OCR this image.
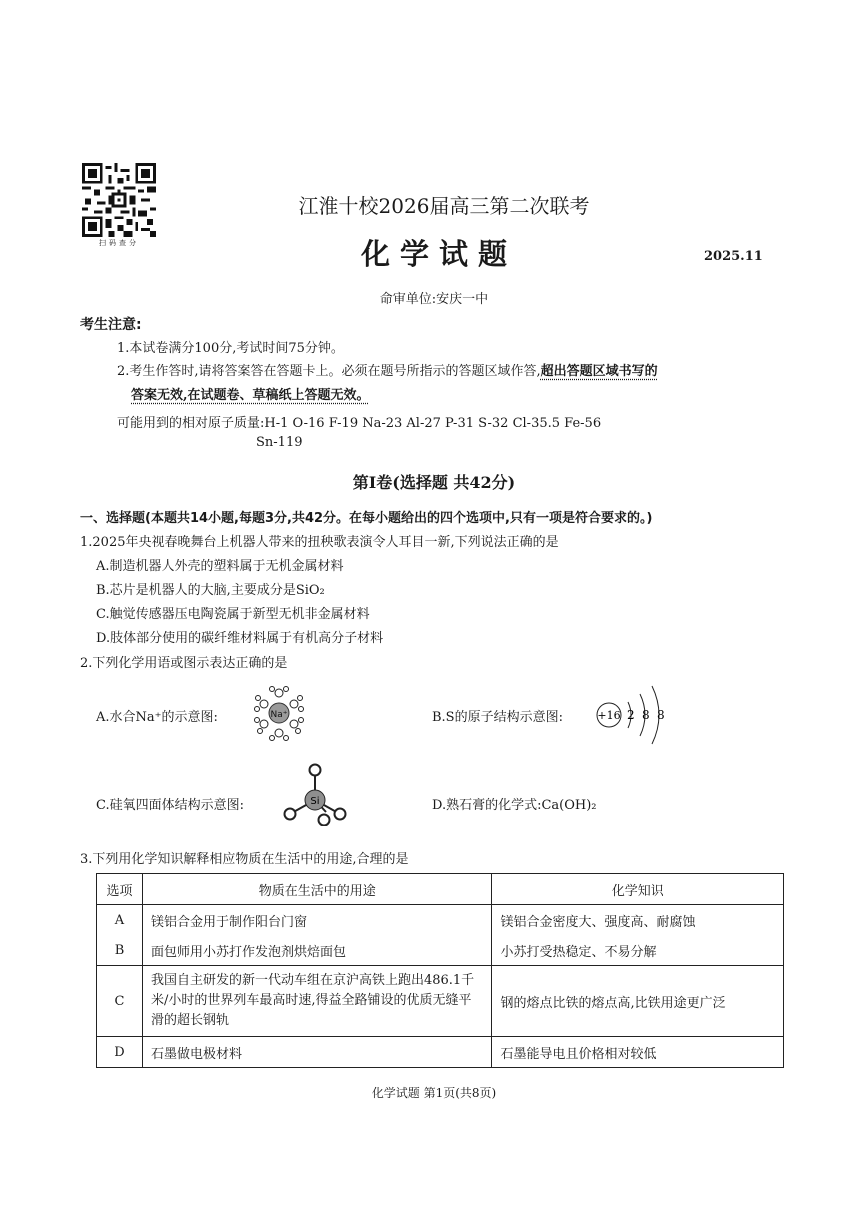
扫码查分
江淮十校2026届高三第二次联考
化学试题	2025.11
命审单位:安庆一中
考生注意:
1.本试卷满分100分,考试时间75分钟。
2.考生作答时,请将答案答在答题卡上。必须在题号所指示的答题区域作答,超出答题区域书写的
答案无效,在试题卷、草稿纸上答题无效。
可能用到的相对原子质量:H-1 O-16 F-19 Na-23 Al-27 P-31 S-32 Cl-35.5 Fe-56
Sn-119
第Ⅰ卷(选择题 共42分)
一、选择题(本题共14小题,每题3分,共42分。在每小题给出的四个选项中,只有一项是符合要求的。)
1.2025年央视春晚舞台上机器人带来的扭秧歌表演令人耳目一新,下列说法正确的是
A.制造机器人外壳的塑料属于无机金属材料
B.芯片是机器人的大脑,主要成分是SiO₂
C.触觉传感器压电陶瓷属于新型无机非金属材料
D.肢体部分使用的碳纤维材料属于有机高分子材料
2.下列化学用语或图示表达正确的是
A.水合Na⁺的示意图:	Na⁺	B.S的原子结构示意图:	+16 2 8 8
C.硅氧四面体结构示意图:	Si	D.熟石膏的化学式:Ca(OH)₂
3.下列用化学知识解释相应物质在生活中的用途,合理的是
选项	物质在生活中的用途	化学知识
A	镁铝合金用于制作阳台门窗	镁铝合金密度大、强度高、耐腐蚀
B	面包师用小苏打作发泡剂烘焙面包	小苏打受热稳定、不易分解
C	我国自主研发的新一代动车组在京沪高铁上跑出486.1千米/小时的世界列车最高时速,得益全路铺设的优质无缝平滑的超长钢轨	钢的熔点比铁的熔点高,比铁用途更广泛
D	石墨做电极材料	石墨能导电且价格相对较低
化学试题 第1页(共8页)
